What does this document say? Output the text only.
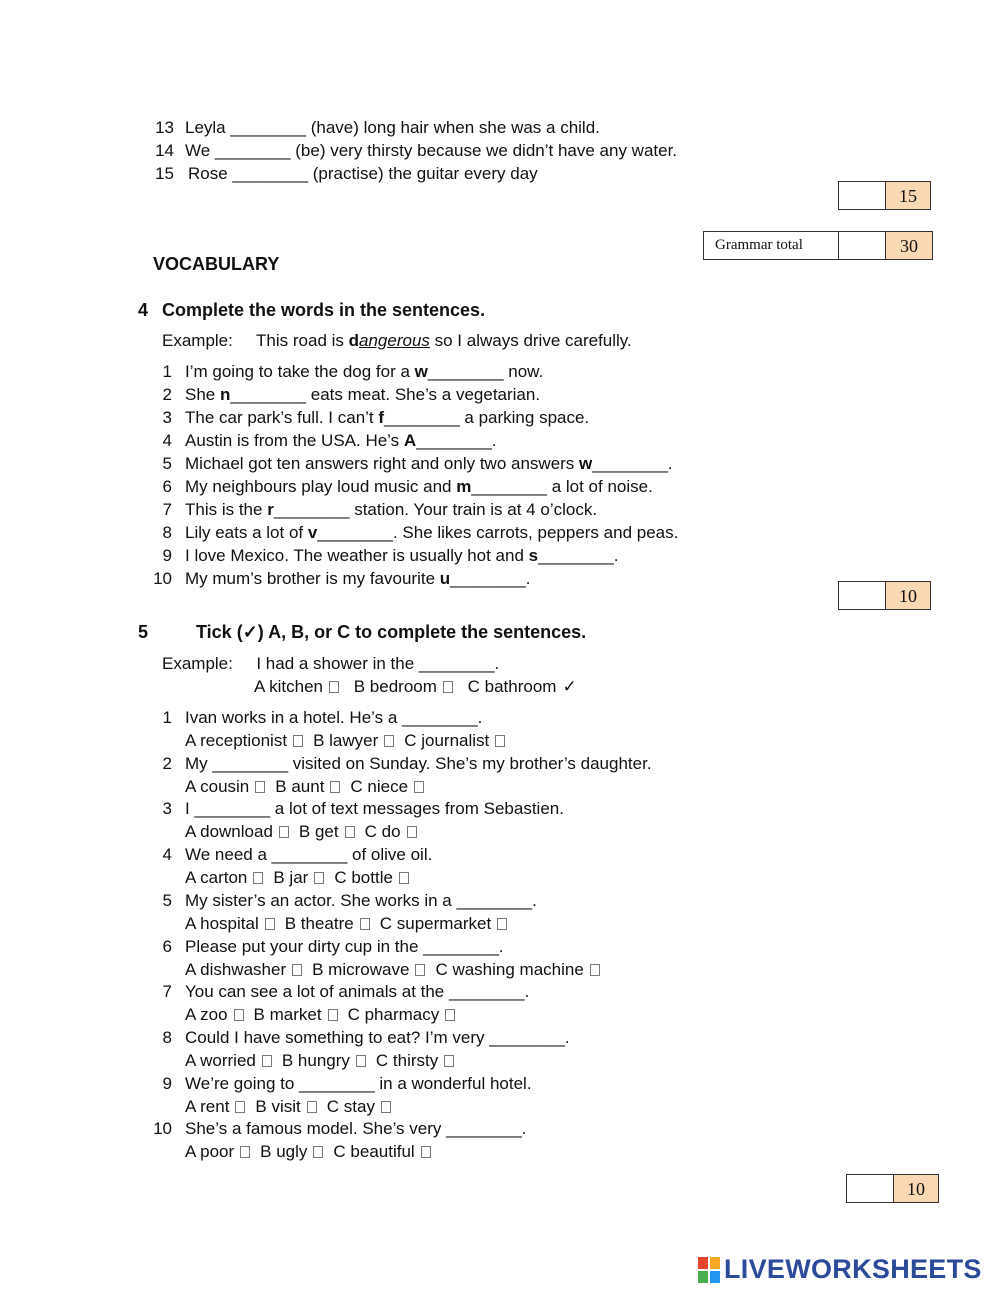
13 Leyla ________ (have) long hair when she was a child.
14 We ________ (be) very thirsty because we didn’t have any water.
15 Rose ________ (practise) the guitar every day
15
Grammar total	30
VOCABULARY
4 Complete the words in the sentences.
Example: This road is dangerous so I always drive carefully.
1 I’m going to take the dog for a w________ now.
2 She n________ eats meat. She’s a vegetarian.
3 The car park’s full. I can’t f________ a parking space.
4 Austin is from the USA. He’s A________.
5 Michael got ten answers right and only two answers w________.
6 My neighbours play loud music and m________ a lot of noise.
7 This is the r________ station. Your train is at 4 o’clock.
8 Lily eats a lot of v________. She likes carrots, peppers and peas.
9 I love Mexico. The weather is usually hot and s________.
10 My mum’s brother is my favourite u________.
10
5	Tick (✓) A, B, or C to complete the sentences.
Example: I had a shower in the ________.
A kitchen B bedroom C bathroom ✓
1 Ivan works in a hotel. He’s a ________.
A receptionist B lawyer C journalist
2 My ________ visited on Sunday. She’s my brother’s daughter.
A cousin B aunt C niece
3 I ________ a lot of text messages from Sebastien.
A download B get C do
4 We need a ________ of olive oil.
A carton B jar C bottle
5 My sister’s an actor. She works in a ________.
A hospital B theatre C supermarket
6 Please put your dirty cup in the ________.
A dishwasher B microwave C washing machine
7 You can see a lot of animals at the ________.
A zoo B market C pharmacy
8 Could I have something to eat? I’m very ________.
A worried B hungry C thirsty
9 We’re going to ________ in a wonderful hotel.
A rent B visit C stay
10 She’s a famous model. She’s very ________.
A poor B ugly C beautiful
10
LIVEWORKSHEETS
